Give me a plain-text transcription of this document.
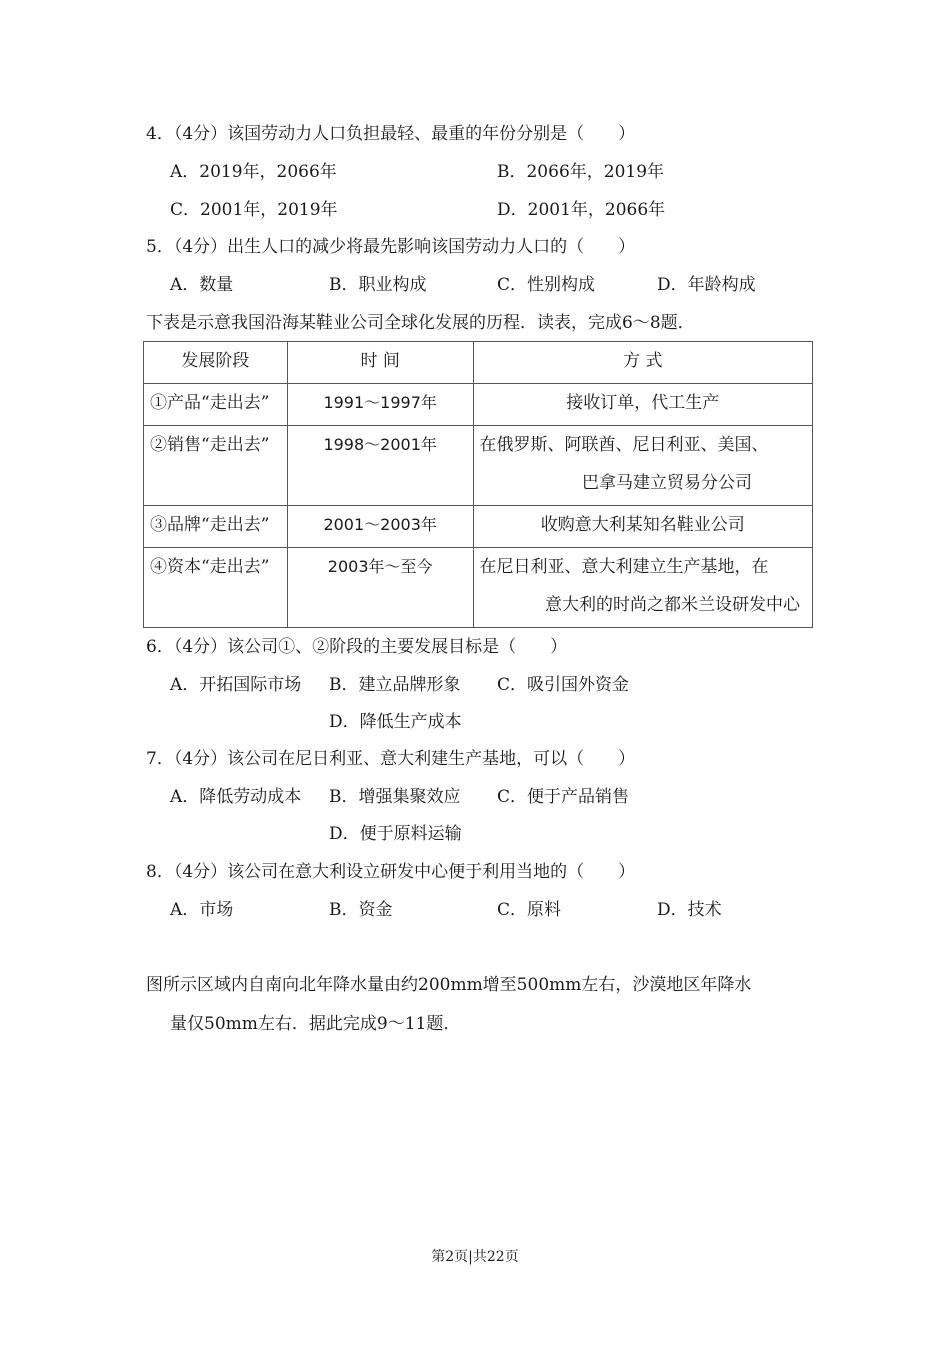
4．（4分）该国劳动力人口负担最轻、最重的年份分别是（　　）
A．2019年，2066年	B．2066年，2019年
C．2001年，2019年	D．2001年，2066年
5．（4分）出生人口的减少将最先影响该国劳动力人口的（　　）
A．数量	B．职业构成	C．性别构成	D．年龄构成
下表是示意我国沿海某鞋业公司全球化发展的历程．读表，完成6～8题．
发展阶段	时 间	方 式
①产品“走出去”	1991～1997年	接收订单，代工生产
②销售“走出去”	1998～2001年	在俄罗斯、阿联酋、尼日利亚、美国、
巴拿马建立贸易分公司

③品牌“走出去”	2001～2003年	收购意大利某知名鞋业公司
④资本“走出去”	2003年～至今	在尼日利亚、意大利建立生产基地，在
意大利的时尚之都米兰设研发中心
6．（4分）该公司①、②阶段的主要发展目标是（　　）
A．开拓国际市场 B．建立品牌形象 C．吸引国外资金
D．降低生产成本
7．（4分）该公司在尼日利亚、意大利建生产基地，可以（　　）
A．降低劳动成本 B．增强集聚效应 C．便于产品销售
D．便于原料运输
8．（4分）该公司在意大利设立研发中心便于利用当地的（　　）
A．市场	B．资金	C．原料	D．技术
图所示区域内自南向北年降水量由约200mm增至500mm左右，沙漠地区年降水
量仅50mm左右．据此完成9～11题．
第2页|共22页
